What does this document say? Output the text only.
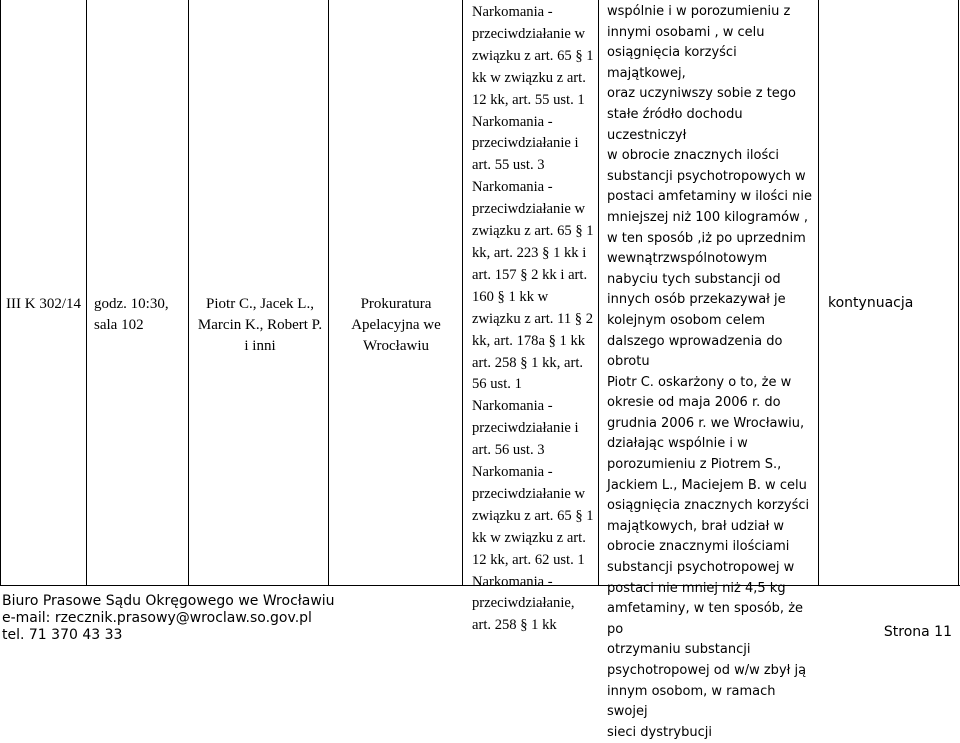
III K 302/14 godz. 10:30, sala 102
Piotr C., Jacek L., Marcin K., Robert P. i inni
Prokuratura Apelacyjna we Wrocławiu

Narkomania -

przeciwdziałanie w

związku z art. 65 § 1

kk w związku z art.

12 kk, art. 55 ust. 1

Narkomania -

przeciwdziałanie i

art. 55 ust. 3

Narkomania -

przeciwdziałanie w

związku z art. 65 § 1

kk, art. 223 § 1 kk i

art. 157 § 2 kk i art.

160 § 1 kk w

związku z art. 11 § 2

kk, art. 178a § 1 kk

art. 258 § 1 kk, art.

56 ust. 1

Narkomania -

przeciwdziałanie i

art. 56 ust. 3

Narkomania -

przeciwdziałanie w

związku z art. 65 § 1

kk w związku z art.

12 kk, art. 62 ust. 1

Narkomania -

przeciwdziałanie,

art. 258 § 1 kk

wspólnie i w porozumieniu z

innymi osobami , w celu

osiągnięcia korzyści majątkowej,

oraz uczyniwszy sobie z tego

stałe źródło dochodu uczestniczył

w obrocie znacznych ilości

substancji psychotropowych w

postaci amfetaminy w ilości nie

mniejszej niż 100 kilogramów ,

w ten sposób ,iż po uprzednim

wewnątrzwspólnotowym

nabyciu tych substancji od

innych osób przekazywał je

kolejnym osobom celem

dalszego wprowadzenia do

obrotu

Piotr C. oskarżony o to, że w

okresie od maja 2006 r. do

grudnia 2006 r. we Wrocławiu,

działając wspólnie i w

porozumieniu z Piotrem S.,

Jackiem L., Maciejem B. w celu

osiągnięcia znacznych korzyści

majątkowych, brał udział w

obrocie znacznymi ilościami

substancji psychotropowej w

postaci nie mniej niż 4,5 kg

amfetaminy, w ten sposób, że po

otrzymaniu substancji

psychotropowej od w/w zbył ją

innym osobom, w ramach swojej

sieci dystrybucji

kontynuacja
Biuro Prasowe Sądu Okręgowego we Wrocławiu
e-mail: rzecznik.prasowy@wroclaw.so.gov.pl
tel. 71 370 43 33	Strona 11
